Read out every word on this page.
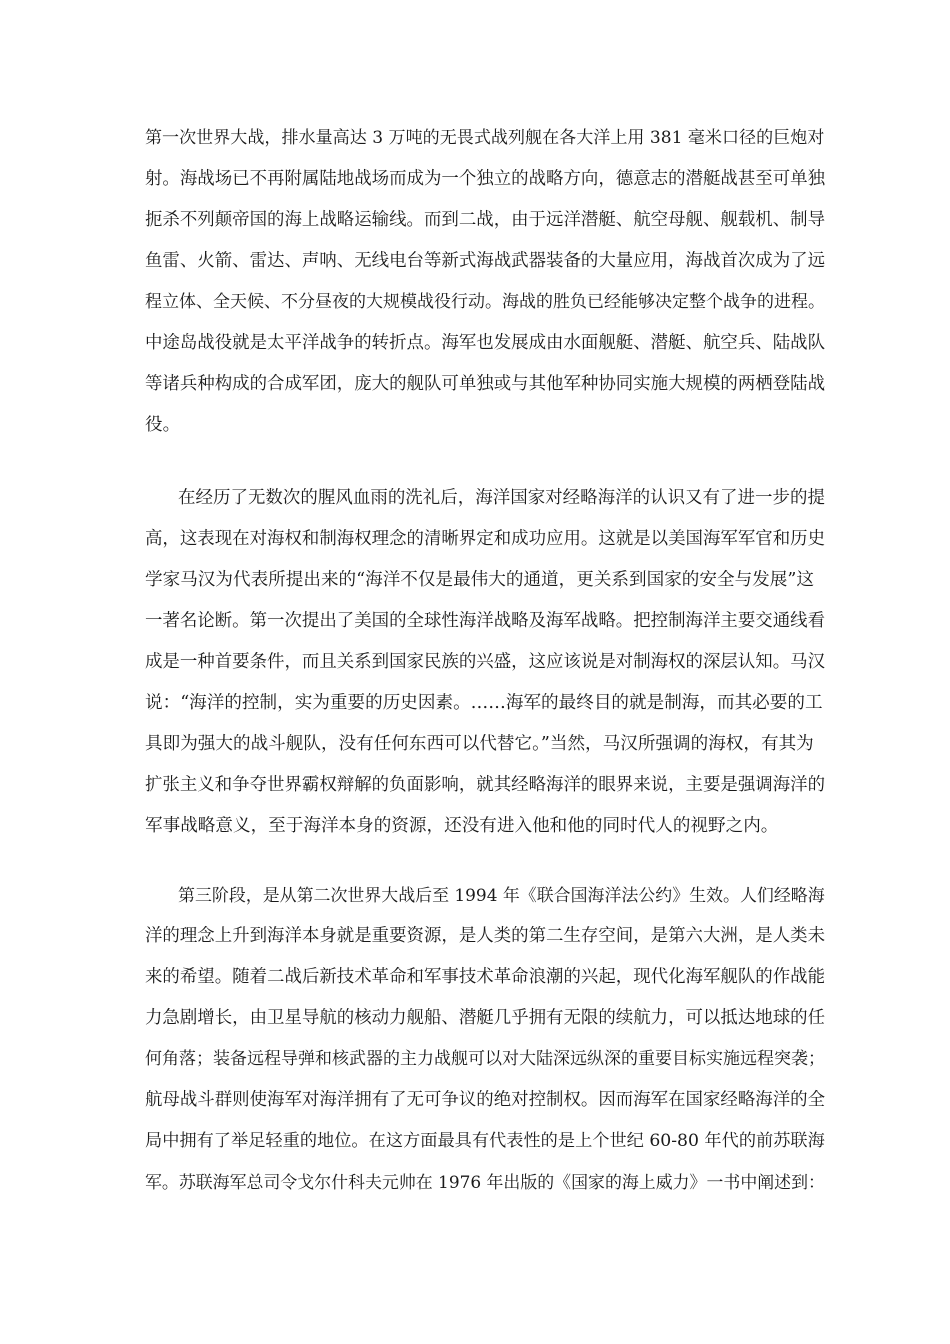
第一次世界大战，排水量高达 3 万吨的无畏式战列舰在各大洋上用 381 毫米口径的巨炮对
射。海战场已不再附属陆地战场而成为一个独立的战略方向，德意志的潜艇战甚至可单独
扼杀不列颠帝国的海上战略运输线。而到二战，由于远洋潜艇、航空母舰、舰载机、制导
鱼雷、火箭、雷达、声呐、无线电台等新式海战武器装备的大量应用，海战首次成为了远
程立体、全天候、不分昼夜的大规模战役行动。海战的胜负已经能够决定整个战争的进程。
中途岛战役就是太平洋战争的转折点。海军也发展成由水面舰艇、潜艇、航空兵、陆战队
等诸兵种构成的合成军团，庞大的舰队可单独或与其他军种协同实施大规模的两栖登陆战
役。
在经历了无数次的腥风血雨的洗礼后，海洋国家对经略海洋的认识又有了进一步的提
高，这表现在对海权和制海权理念的清晰界定和成功应用。这就是以美国海军军官和历史
学家马汉为代表所提出来的“海洋不仅是最伟大的通道，更关系到国家的安全与发展”这
一著名论断。第一次提出了美国的全球性海洋战略及海军战略。把控制海洋主要交通线看
成是一种首要条件，而且关系到国家民族的兴盛，这应该说是对制海权的深层认知。马汉
说：“海洋的控制，实为重要的历史因素。……海军的最终目的就是制海，而其必要的工
具即为强大的战斗舰队，没有任何东西可以代替它。”当然，马汉所强调的海权，有其为
扩张主义和争夺世界霸权辩解的负面影响，就其经略海洋的眼界来说，主要是强调海洋的
军事战略意义，至于海洋本身的资源，还没有进入他和他的同时代人的视野之内。
第三阶段，是从第二次世界大战后至 1994 年《联合国海洋法公约》生效。人们经略海
洋的理念上升到海洋本身就是重要资源，是人类的第二生存空间，是第六大洲，是人类未
来的希望。随着二战后新技术革命和军事技术革命浪潮的兴起，现代化海军舰队的作战能
力急剧增长，由卫星导航的核动力舰船、潜艇几乎拥有无限的续航力，可以抵达地球的任
何角落；装备远程导弹和核武器的主力战舰可以对大陆深远纵深的重要目标实施远程突袭；
航母战斗群则使海军对海洋拥有了无可争议的绝对控制权。因而海军在国家经略海洋的全
局中拥有了举足轻重的地位。在这方面最具有代表性的是上个世纪 60-80 年代的前苏联海
军。苏联海军总司令戈尔什科夫元帅在 1976 年出版的《国家的海上威力》一书中阐述到：
